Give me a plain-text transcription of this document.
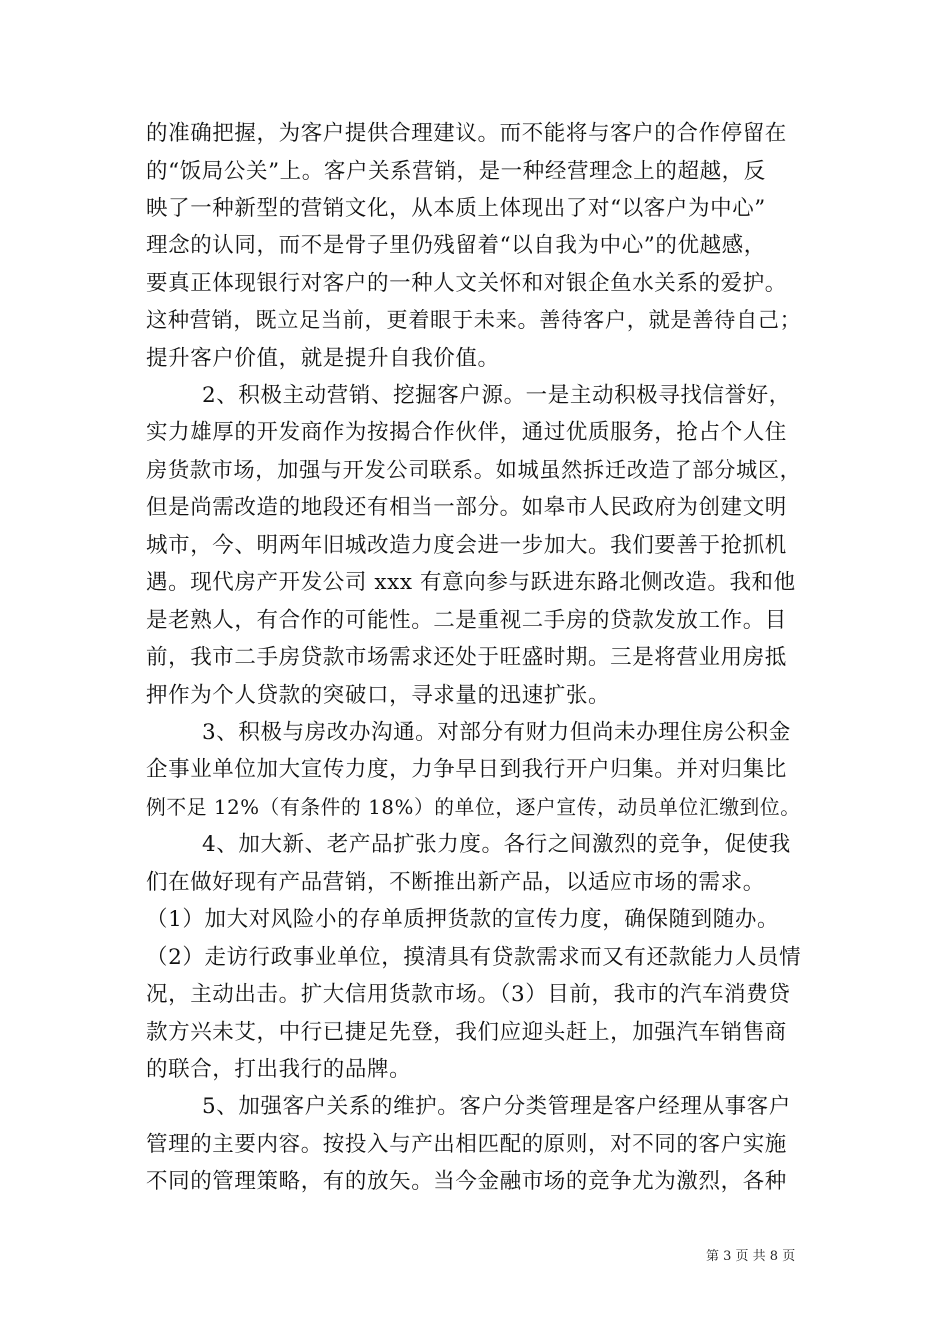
的准确把握，为客户提供合理建议。而不能将与客户的合作停留在
的“饭局公关”上。客户关系营销，是一种经营理念上的超越，反
映了一种新型的营销文化，从本质上体现出了对“以客户为中心”
理念的认同，而不是骨子里仍残留着“以自我为中心”的优越感，
要真正体现银行对客户的一种人文关怀和对银企鱼水关系的爱护。
这种营销，既立足当前，更着眼于未来。善待客户，就是善待自己；
提升客户价值，就是提升自我价值。
2、积极主动营销、挖掘客户源。一是主动积极寻找信誉好，
实力雄厚的开发商作为按揭合作伙伴，通过优质服务，抢占个人住
房货款市场，加强与开发公司联系。如城虽然拆迁改造了部分城区，
但是尚需改造的地段还有相当一部分。如皋市人民政府为创建文明
城市，今、明两年旧城改造力度会进一步加大。我们要善于抢抓机
遇。现代房产开发公司 xxx 有意向参与跃进东路北侧改造。我和他
是老熟人，有合作的可能性。二是重视二手房的贷款发放工作。目
前，我市二手房贷款市场需求还处于旺盛时期。三是将营业用房抵
押作为个人贷款的突破口，寻求量的迅速扩张。
3、积极与房改办沟通。对部分有财力但尚未办理住房公积金
企事业单位加大宣传力度，力争早日到我行开户归集。并对归集比
例不足 12%（有条件的 18%）的单位，逐户宣传，动员单位汇缴到位。
4、加大新、老产品扩张力度。各行之间激烈的竞争，促使我
们在做好现有产品营销，不断推出新产品，以适应市场的需求。
（1）加大对风险小的存单质押货款的宣传力度，确保随到随办。
（2）走访行政事业单位，摸清具有贷款需求而又有还款能力人员情
况，主动出击。扩大信用货款市场。（3）目前，我市的汽车消费贷
款方兴未艾，中行已捷足先登，我们应迎头赶上，加强汽车销售商
的联合，打出我行的品牌。
5、加强客户关系的维护。客户分类管理是客户经理从事客户
管理的主要内容。按投入与产出相匹配的原则，对不同的客户实施
不同的管理策略，有的放矢。当今金融市场的竞争尤为激烈，各种
第 3 页 共 8 页
